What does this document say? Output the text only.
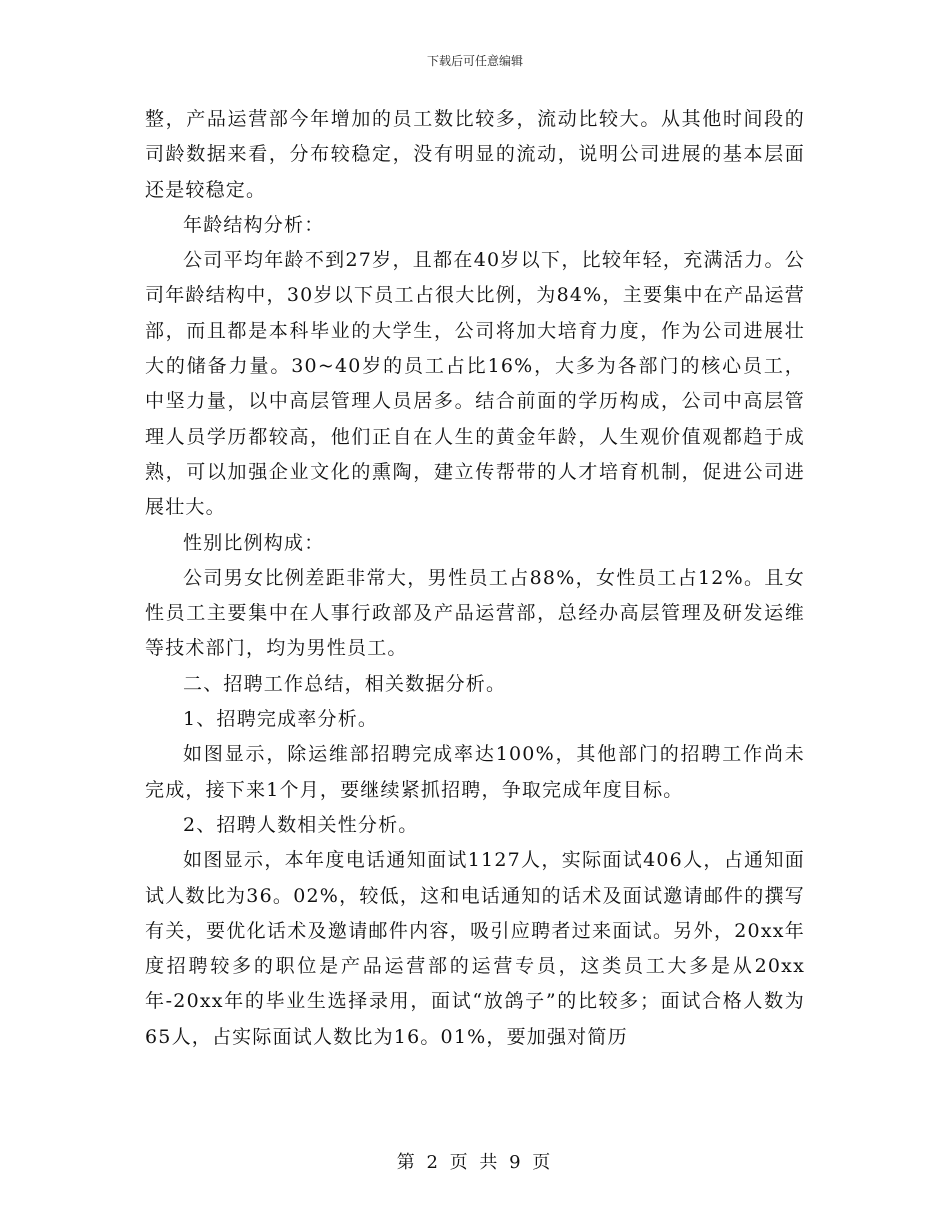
下载后可任意编辑

整，产品运营部今年增加的员工数比较多，流动比较大。从其他时间段的司龄数据来看，分布较稳定，没有明显的流动，说明公司进展的基本层面还是较稳定。

年龄结构分析：

公司平均年龄不到27岁，且都在40岁以下，比较年轻，充满活力。公司年龄结构中，30岁以下员工占很大比例，为84%，主要集中在产品运营部，而且都是本科毕业的大学生，公司将加大培育力度，作为公司进展壮大的储备力量。30~40岁的员工占比16%，大多为各部门的核心员工，中坚力量，以中高层管理人员居多。结合前面的学历构成，公司中高层管理人员学历都较高，他们正自在人生的黄金年龄，人生观价值观都趋于成熟，可以加强企业文化的熏陶，建立传帮带的人才培育机制，促进公司进展壮大。

性别比例构成：

公司男女比例差距非常大，男性员工占88%，女性员工占12%。且女性员工主要集中在人事行政部及产品运营部，总经办高层管理及研发运维等技术部门，均为男性员工。

二、招聘工作总结，相关数据分析。

1、招聘完成率分析。

如图显示，除运维部招聘完成率达100%，其他部门的招聘工作尚未完成，接下来1个月，要继续紧抓招聘，争取完成年度目标。

2、招聘人数相关性分析。

如图显示，本年度电话通知面试1127人，实际面试406人，占通知面试人数比为36。02%，较低，这和电话通知的话术及面试邀请邮件的撰写有关，要优化话术及邀请邮件内容，吸引应聘者过来面试。另外，20xx年度招聘较多的职位是产品运营部的运营专员，这类员工大多是从20xx年-20xx年的毕业生选择录用，面试“放鸽子”的比较多；面试合格人数为65人，占实际面试人数比为16。01%，要加强对简历

第 2 页 共 9 页
